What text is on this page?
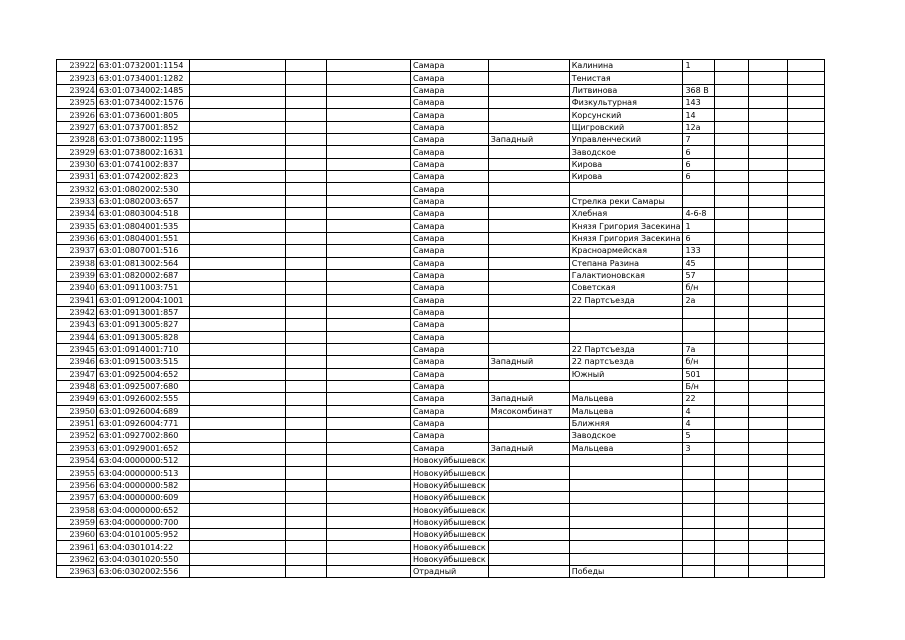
23922	63:01:0732001:1154				Самара		Калинина	1			
23923	63:01:0734001:1282				Самара		Тенистая				
23924	63:01:0734002:1485				Самара		Литвинова	368 В			
23925	63:01:0734002:1576				Самара		Физкультурная	143			
23926	63:01:0736001:805				Самара		Корсунский	14			
23927	63:01:0737001:852				Самара		Щигровский	12а			
23928	63:01:0738002:1195				Самара	Западный	Управленческий	7			
23929	63:01:0738002:1631				Самара		Заводское	6			
23930	63:01:0741002:837				Самара		Кирова	6			
23931	63:01:0742002:823				Самара		Кирова	6			
23932	63:01:0802002:530				Самара						
23933	63:01:0802003:657				Самара		Стрелка реки Самары				
23934	63:01:0803004:518				Самара		Хлебная	4-6-8			
23935	63:01:0804001:535				Самара		Князя Григория Засекина	1			
23936	63:01:0804001:551				Самара		Князя Григория Засекина	6			
23937	63:01:0807001:516				Самара		Красноармейская	133			
23938	63:01:0813002:564				Самара		Степана Разина	45			
23939	63:01:0820002:687				Самара		Галактионовская	57			
23940	63:01:0911003:751				Самара		Советская	б/н			
23941	63:01:0912004:1001				Самара		22 Партсъезда	2а			
23942	63:01:0913001:857				Самара						
23943	63:01:0913005:827				Самара						
23944	63:01:0913005:828				Самара						
23945	63:01:0914001:710				Самара		22 Партсъезда	7а			
23946	63:01:0915003:515				Самара	Западный	22 партсъезда	б/н			
23947	63:01:0925004:652				Самара		Южный	501			
23948	63:01:0925007:680				Самара			Б/н			
23949	63:01:0926002:555				Самара	Западный	Мальцева	22			
23950	63:01:0926004:689				Самара	Мясокомбинат	Мальцева	4			
23951	63:01:0926004:771				Самара		Ближняя	4			
23952	63:01:0927002:860				Самара		Заводское	5			
23953	63:01:0929001:652				Самара	Западный	Мальцева	3			
23954	63:04:0000000:512				Новокуйбышевск						
23955	63:04:0000000:513				Новокуйбышевск						
23956	63:04:0000000:582				Новокуйбышевск						
23957	63:04:0000000:609				Новокуйбышевск						
23958	63:04:0000000:652				Новокуйбышевск						
23959	63:04:0000000:700				Новокуйбышевск						
23960	63:04:0101005:952				Новокуйбышевск						
23961	63:04:0301014:22				Новокуйбышевск						
23962	63:04:0301020:550				Новокуйбышевск						
23963	63:06:0302002:556				Отрадный		Победы				
